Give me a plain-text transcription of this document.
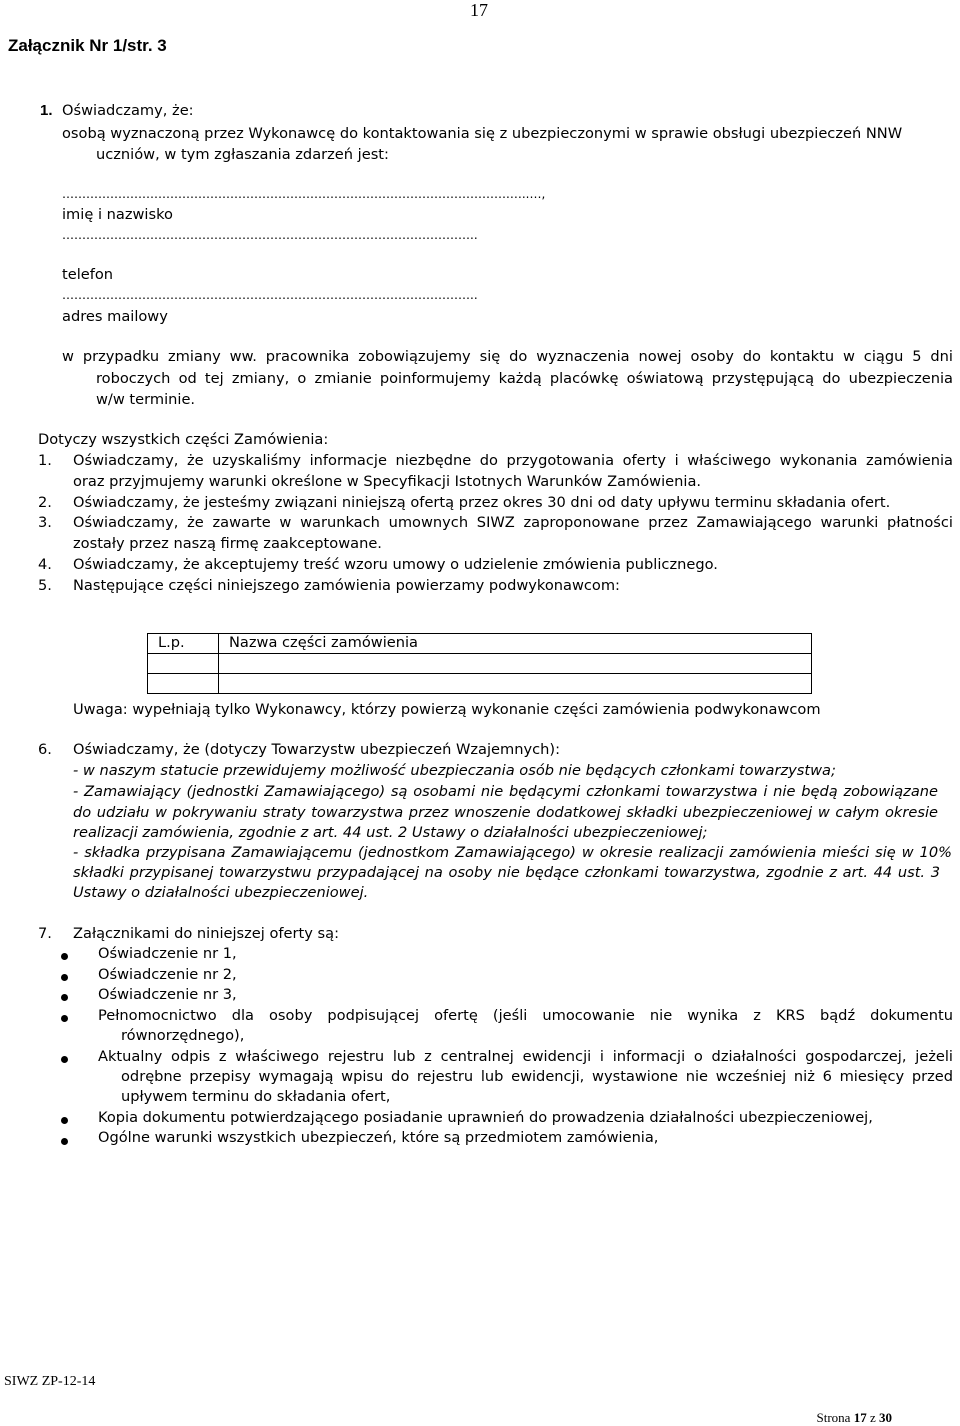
17
Załącznik Nr 1/str. 3
1. Oświadczamy, że:
osobą wyznaczoną przez Wykonawcę do kontaktowania się z ubezpieczonymi w sprawie obsługi ubezpieczeń NNW
uczniów, w tym zgłaszania zdarzeń jest:
………………………………………………………………………………………………….…..…,
imię i nazwisko
…………………………………………………………………………………………..
telefon
…………………………………………………………………………………………..
adres mailowy
w przypadku zmiany ww. pracownika zobowiązujemy się do wyznaczenia nowej osoby do kontaktu w ciągu 5 dni
roboczych od tej zmiany, o zmianie poinformujemy każdą placówkę oświatową przystępującą do ubezpieczenia
w/w terminie.
Dotyczy wszystkich części Zamówienia:
1. Oświadczamy, że uzyskaliśmy informacje niezbędne do przygotowania oferty i właściwego wykonania zamówienia
oraz przyjmujemy warunki określone w Specyfikacji Istotnych Warunków Zamówienia.
2. Oświadczamy, że jesteśmy związani niniejszą ofertą przez okres 30 dni od daty upływu terminu składania ofert.
3. Oświadczamy, że zawarte w warunkach umownych SIWZ zaproponowane przez Zamawiającego warunki płatności
zostały przez naszą firmę zaakceptowane.
4. Oświadczamy, że akceptujemy treść wzoru umowy o udzielenie zmówienia publicznego.
5. Następujące części niniejszego zamówienia powierzamy podwykonawcom:
L.p.	Nazwa części zamówienia

Uwaga: wypełniają tylko Wykonawcy, którzy powierzą wykonanie części zamówienia podwykonawcom
6. Oświadczamy, że (dotyczy Towarzystw ubezpieczeń Wzajemnych):
- w naszym statucie przewidujemy możliwość ubezpieczania osób nie będących członkami towarzystwa;
- Zamawiający (jednostki Zamawiającego) są osobami nie będącymi członkami towarzystwa i nie będą zobowiązane
do udziału w pokrywaniu straty towarzystwa przez wnoszenie dodatkowej składki ubezpieczeniowej w całym okresie
realizacji zamówienia, zgodnie z art. 44 ust. 2 Ustawy o działalności ubezpieczeniowej;
- składka przypisana Zamawiającemu (jednostkom Zamawiającego) w okresie realizacji zamówienia mieści się w 10%
składki przypisanej towarzystwu przypadającej na osoby nie będące członkami towarzystwa, zgodnie z art. 44 ust. 3
Ustawy o działalności ubezpieczeniowej.
7. Załącznikami do niniejszej oferty są:
Oświadczenie nr 1,
Oświadczenie nr 2,
Oświadczenie nr 3,
Pełnomocnictwo dla osoby podpisującej ofertę (jeśli umocowanie nie wynika z KRS bądź dokumentu
równorzędnego),
Aktualny odpis z właściwego rejestru lub z centralnej ewidencji i informacji o działalności gospodarczej, jeżeli
odrębne przepisy wymagają wpisu do rejestru lub ewidencji, wystawione nie wcześniej niż 6 miesięcy przed
upływem terminu do składania ofert,
Kopia dokumentu potwierdzającego posiadanie uprawnień do prowadzenia działalności ubezpieczeniowej,
Ogólne warunki wszystkich ubezpieczeń, które są przedmiotem zamówienia,
SIWZ ZP-12-14
Strona 17 z 30
